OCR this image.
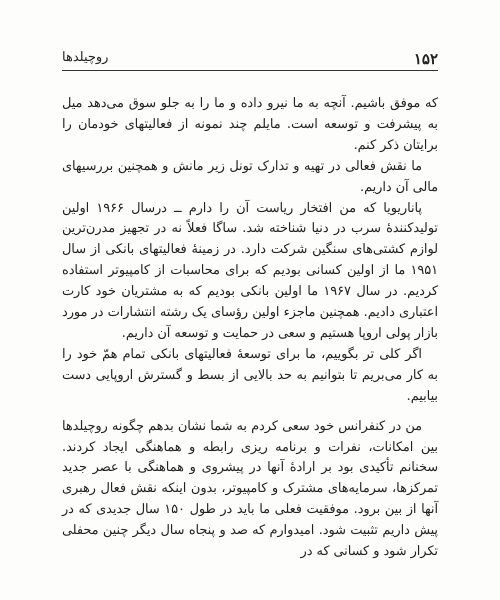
۱۵۲
روچیلدها

که موفق باشیم. آنچه به ما نیرو داده و ما را به جلو سوق می‌دهد میل به پیشرفت و توسعه است. مایلم چند نمونه از فعالیتهای خودمان را برایتان ذکر کنم.

ما نقش فعالی در تهیه و تدارک تونل زیر مانش و همچنین بررسیهای مالی آن داریم.

پاناریویا که من افتخار ریاست آن را دارم ــ درسال ۱۹۶۶ اولین تولیدکنندهٔ سرب در دنیا شناخته شد. ساگا فعلاً نه در تجهیز مدرن‌ترین لوازم کشتی‌های سنگین شرکت دارد. در زمینهٔ فعالیتهای بانکی از سال ۱۹۵۱ ما از اولین کسانی بودیم که برای محاسبات از کامپیوتر استفاده کردیم. در سال ۱۹۶۷ ما اولین بانکی بودیم که به مشتریان خود کارت اعتباری دادیم. همچنین ماجزء اولین رؤسای یک رشته انتشارات در مورد بازار پولی اروپا هستیم و سعی در حمایت و توسعه آن داریم.

اگر کلی تر بگوییم، ما برای توسعهٔ فعالیتهای بانکی تمام همّ خود را به کار می‌بریم تا بتوانیم به حد بالایی از بسط و گسترش اروپایی دست بیابیم.

من در کنفرانس خود سعی کردم به شما نشان بدهم چگونه روچیلدها بین امکانات، نفرات و برنامه ریزی رابطه و هماهنگی ایجاد کردند. سخنانم تأکیدی بود بر ارادهٔ آنها در پیشروی و هماهنگی با عصر جدید تمرکزها، سرمایه‌های مشترک و کامپیوتر، بدون اینکه نقش فعال رهبری آنها از بین برود. موفقیت فعلی ما باید در طول ۱۵۰ سال جدیدی که در پیش داریم تثبیت شود. امیدوارم که صد و پنجاه سال دیگر چنین محفلی تکرار شود و کسانی که در
